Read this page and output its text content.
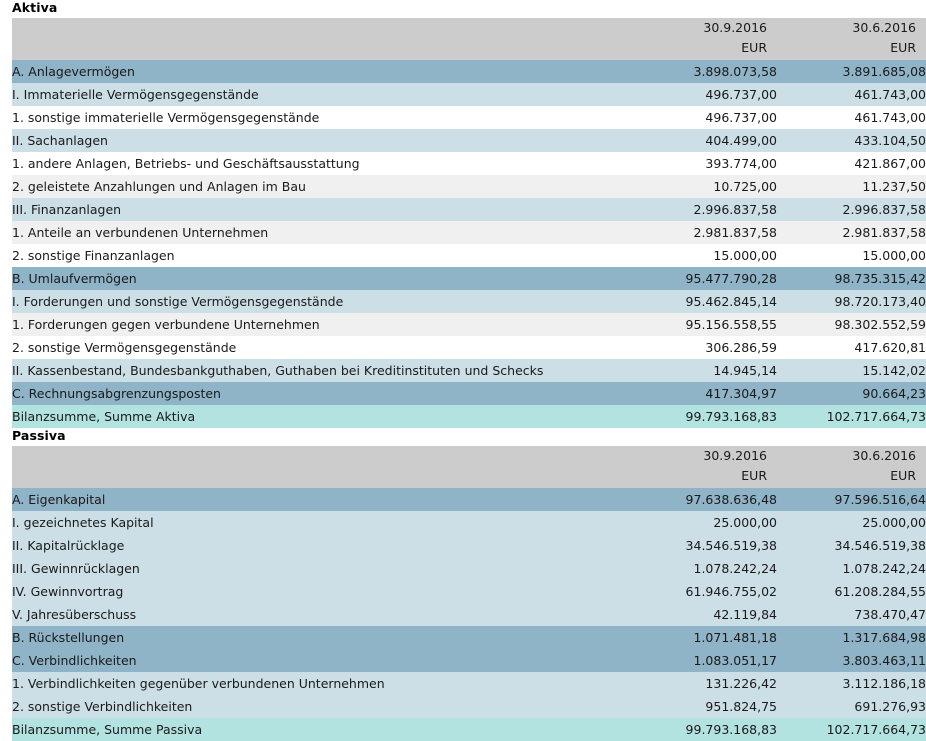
Aktiva
	30.9.2016	30.6.2016
	EUR	EUR
A. Anlagevermögen	3.898.073,58	3.891.685,08
I. Immaterielle Vermögensgegenstände	496.737,00	461.743,00
1. sonstige immaterielle Vermögensgegenstände	496.737,00	461.743,00
II. Sachanlagen	404.499,00	433.104,50
1. andere Anlagen, Betriebs- und Geschäftsausstattung	393.774,00	421.867,00
2. geleistete Anzahlungen und Anlagen im Bau	10.725,00	11.237,50
III. Finanzanlagen	2.996.837,58	2.996.837,58
1. Anteile an verbundenen Unternehmen	2.981.837,58	2.981.837,58
2. sonstige Finanzanlagen	15.000,00	15.000,00
B. Umlaufvermögen	95.477.790,28	98.735.315,42
I. Forderungen und sonstige Vermögensgegenstände	95.462.845,14	98.720.173,40
1. Forderungen gegen verbundene Unternehmen	95.156.558,55	98.302.552,59
2. sonstige Vermögensgegenstände	306.286,59	417.620,81
II. Kassenbestand, Bundesbankguthaben, Guthaben bei Kreditinstituten und Schecks	14.945,14	15.142,02
C. Rechnungsabgrenzungsposten	417.304,97	90.664,23
Bilanzsumme, Summe Aktiva	99.793.168,83	102.717.664,73
Passiva
	30.9.2016	30.6.2016
	EUR	EUR
A. Eigenkapital	97.638.636,48	97.596.516,64
I. gezeichnetes Kapital	25.000,00	25.000,00
II. Kapitalrücklage	34.546.519,38	34.546.519,38
III. Gewinnrücklagen	1.078.242,24	1.078.242,24
IV. Gewinnvortrag	61.946.755,02	61.208.284,55
V. Jahresüberschuss	42.119,84	738.470,47
B. Rückstellungen	1.071.481,18	1.317.684,98
C. Verbindlichkeiten	1.083.051,17	3.803.463,11
1. Verbindlichkeiten gegenüber verbundenen Unternehmen	131.226,42	3.112.186,18
2. sonstige Verbindlichkeiten	951.824,75	691.276,93
Bilanzsumme, Summe Passiva	99.793.168,83	102.717.664,73
